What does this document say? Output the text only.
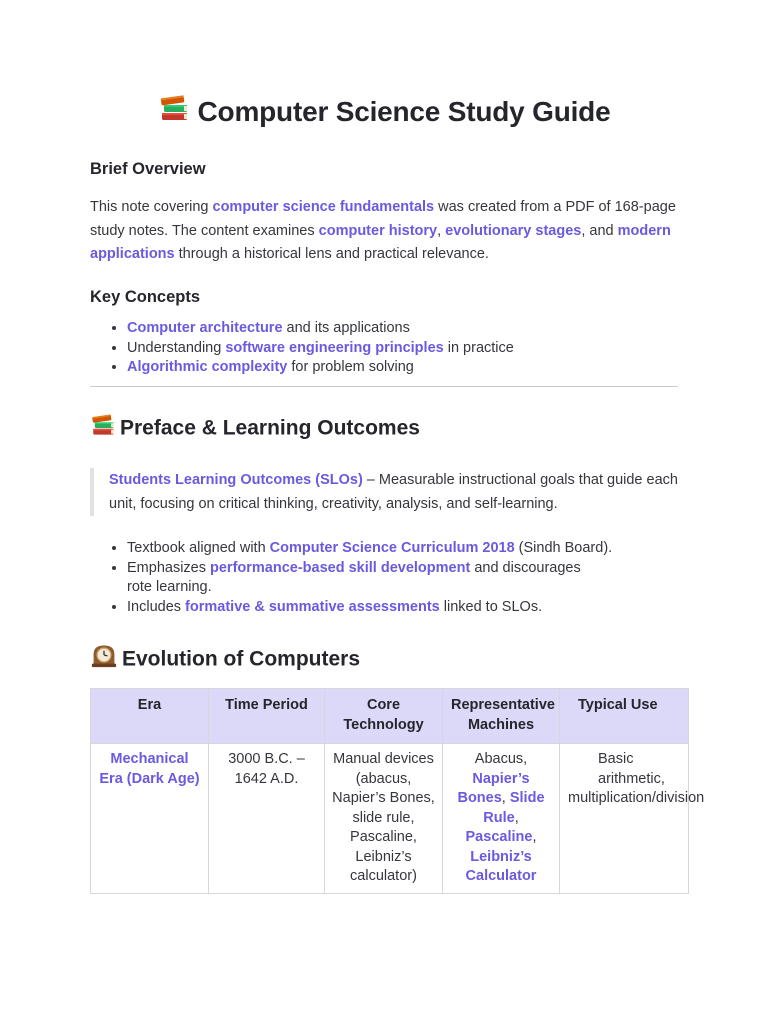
Computer Science Study Guide
Brief Overview

This note covering computer science fundamentals was created from a PDF of 168-page study notes. The content examines computer history, evolutionary stages, and modern applications through a historical lens and practical relevance.

Key Concepts
• Computer architecture and its applications
• Understanding software engineering principles in practice
• Algorithmic complexity for problem solving
Preface & Learning Outcomes
Students Learning Outcomes (SLOs) – Measurable instructional goals that guide each unit, focusing on critical thinking, creativity, analysis, and self-learning.
• Textbook aligned with Computer Science Curriculum 2018 (Sindh Board).
• Emphasizes performance-based skill development and discourages rote learning.
• Includes formative & summative assessments linked to SLOs.
Evolution of Computers
Era	Time Period	Core Technology	Representative Machines	Typical Use
Mechanical Era (Dark Age)	3000 B.C. – 1642 A.D.	Manual devices (abacus, Napier’s Bones, slide rule, Pascaline, Leibniz’s calculator)	Abacus, Napier’s Bones, Slide Rule, Pascaline, Leibniz’s Calculator	Basic arithmetic,
multiplication/division
